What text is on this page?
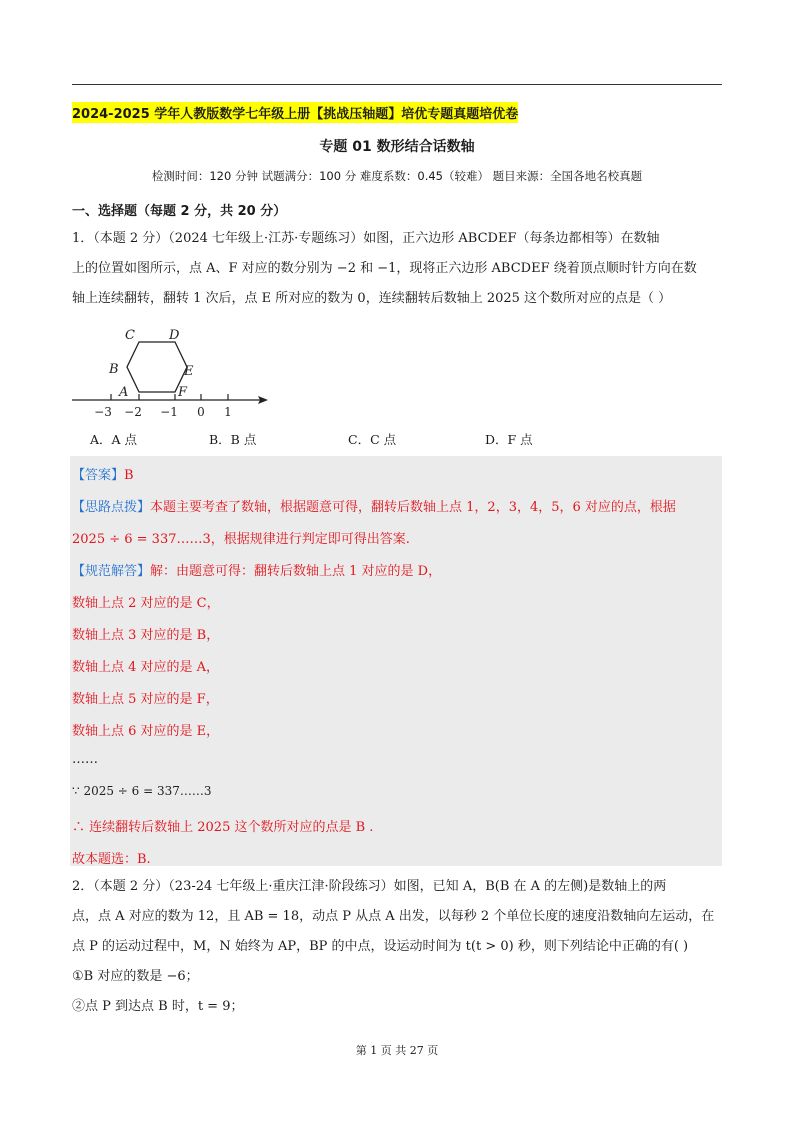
2024-2025 学年人教版数学七年级上册【挑战压轴题】培优专题真题培优卷
专题 01 数形结合话数轴
检测时间：120 分钟 试题满分：100 分 难度系数：0.45（较难） 题目来源：全国各地名校真题
一、选择题（每题 2 分，共 20 分）

1．（本题 2 分）（2024 七年级上·江苏·专题练习）如图，正六边形 ABCDEF（每条边都相等）在数轴

上的位置如图所示，点 A、F 对应的数分别为 −2 和 −1，现将正六边形 ABCDEF 绕着顶点顺时针方向在数

轴上连续翻转，翻转 1 次后，点 E 所对应的数为 0，连续翻转后数轴上 2025 这个数所对应的点是（ ）

C	D
B	E
A	F
−3 −2 −1 0 1
A．A 点	B．B 点	C．C 点	D．F 点
【答案】B
【思路点拨】本题主要考查了数轴，根据题意可得，翻转后数轴上点 1，2，3，4，5，6 对应的点，根据
2025 ÷ 6 = 337……3，根据规律进行判定即可得出答案.
【规范解答】解：由题意可得：翻转后数轴上点 1 对应的是 D，
数轴上点 2 对应的是 C，
数轴上点 3 对应的是 B，
数轴上点 4 对应的是 A，
数轴上点 5 对应的是 F，
数轴上点 6 对应的是 E，
……
∵ 2025 ÷ 6 = 337……3
∴ 连续翻转后数轴上 2025 这个数所对应的点是 B .
故本题选：B.

2．（本题 2 分）（23-24 七年级上·重庆江津·阶段练习）如图，已知 A，B(B 在 A 的左侧)是数轴上的两

点，点 A 对应的数为 12，且 AB = 18，动点 P 从点 A 出发，以每秒 2 个单位长度的速度沿数轴向左运动，在

点 P 的运动过程中，M，N 始终为 AP，BP 的中点，设运动时间为 t(t > 0) 秒，则下列结论中正确的有( )

①B 对应的数是 −6；

②点 P 到达点 B 时，t = 9；

第 1 页 共 27 页
